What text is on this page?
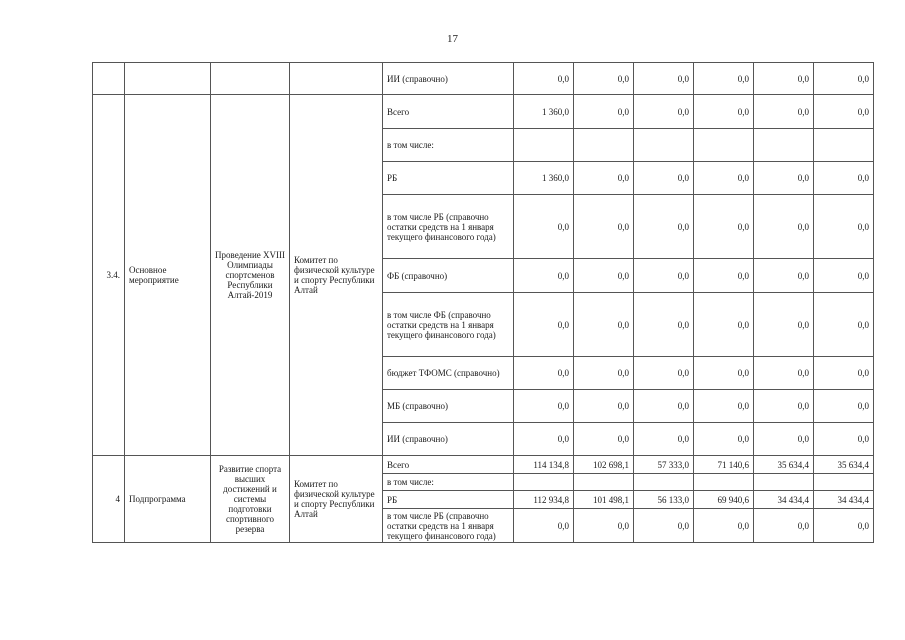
17
				ИИ (справочно)	0,0	0,0	0,0	0,0	0,0	0,0
3.4.	Основное мероприятие	Проведение XVIII Олимпиады спортсменов Республики Алтай-2019	Комитет по физической культуре и спорту Республики Алтай	Всего	1 360,0	0,0	0,0	0,0	0,0	0,0
				в том числе:						
				РБ	1 360,0	0,0	0,0	0,0	0,0	0,0
				в том числе РБ (справочно остатки средств на 1 января текущего финансового года)	0,0	0,0	0,0	0,0	0,0	0,0
				ФБ (справочно)	0,0	0,0	0,0	0,0	0,0	0,0
				в том числе ФБ (справочно остатки средств на 1 января текущего финансового года)	0,0	0,0	0,0	0,0	0,0	0,0
				бюджет ТФОМС (справочно)	0,0	0,0	0,0	0,0	0,0	0,0
				МБ (справочно)	0,0	0,0	0,0	0,0	0,0	0,0
				ИИ (справочно)	0,0	0,0	0,0	0,0	0,0	0,0
4	Подпрограмма	Развитие спорта высших достижений и системы подготовки спортивного резерва	Комитет по физической культуре и спорту Республики Алтай	Всего	114 134,8	102 698,1	57 333,0	71 140,6	35 634,4	35 634,4
				в том числе:						
				РБ	112 934,8	101 498,1	56 133,0	69 940,6	34 434,4	34 434,4
				в том числе РБ (справочно остатки средств на 1 января текущего финансового года)	0,0	0,0	0,0	0,0	0,0	0,0
